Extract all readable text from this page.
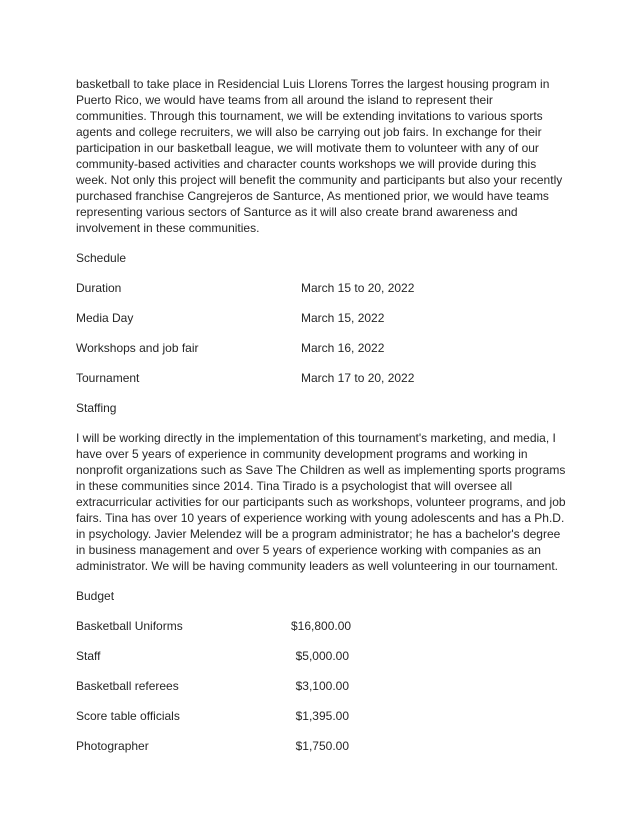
basketball to take place in Residencial Luis Llorens Torres the largest housing program in Puerto Rico, we would have teams from all around the island to represent their communities. Through this tournament, we will be extending invitations to various sports agents and college recruiters, we will also be carrying out job fairs. In exchange for their participation in our basketball league, we will motivate them to volunteer with any of our community-based activities and character counts workshops we will provide during this week. Not only this project will benefit the community and participants but also your recently purchased franchise Cangrejeros de Santurce, As mentioned prior, we would have teams representing various sectors of Santurce as it will also create brand awareness and involvement in these communities.

Schedule

Duration	March 15 to 20, 2022
Media Day	March 15, 2022
Workshops and job fair	March 16, 2022
Tournament	March 17 to 20, 2022

Staffing

I will be working directly in the implementation of this tournament's marketing, and media, I have over 5 years of experience in community development programs and working in nonprofit organizations such as Save The Children as well as implementing sports programs in these communities since 2014. Tina Tirado is a psychologist that will oversee all extracurricular activities for our participants such as workshops, volunteer programs, and job fairs. Tina has over 10 years of experience working with young adolescents and has a Ph.D. in psychology. Javier Melendez will be a program administrator; he has a bachelor's degree in business management and over 5 years of experience working with companies as an administrator. We will be having community leaders as well volunteering in our tournament.

Budget

Basketball Uniforms	$16,800.00
Staff	$5,000.00
Basketball referees	$3,100.00
Score table officials	$1,395.00
Photographer	$1,750.00
